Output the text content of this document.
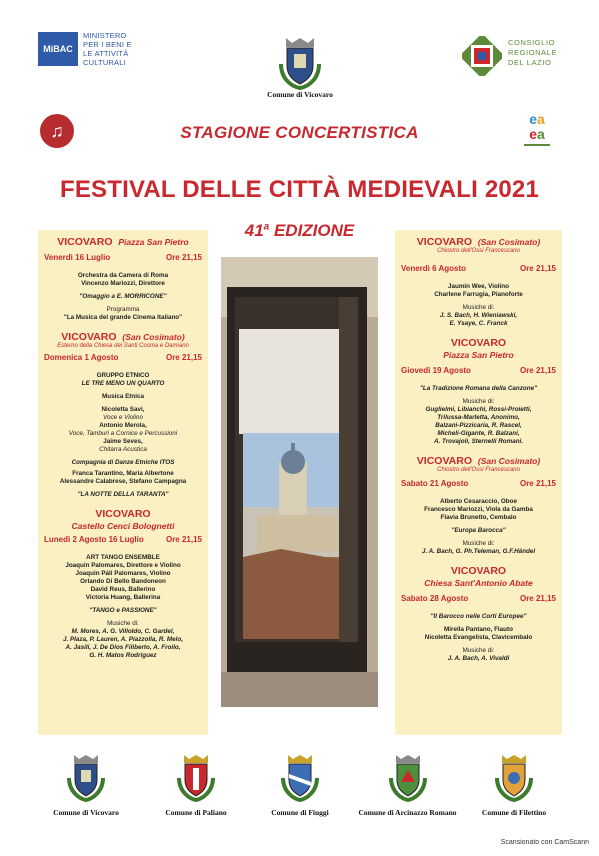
MiBAC
MINISTERO PER I BENI E LE ATTIVITÀ CULTURALI
Comune di Vicovaro
CONSIGLIO REGIONALE DEL LAZIO
♫
ea
ea
STAGIONE CONCERTISTICA
FESTIVAL DELLE CITTÀ MEDIEVALI 2021
41$^a$ EDIZIONE
VICOVARO Piazza San Pietro
Venerdì 16 Luglio	Ore 21,15
Orchestra da Camera di Roma
Vincenzo Mariozzi, Direttore
"Omaggio a E. MORRICONE"
Programma
"La Musica del grande Cinema Italiano"
VICOVARO (San Cosimato)
Esterno della Chiesa dei Santi Cosma e Damiano
Domenica 1 Agosto	Ore 21,15
GRUPPO ETNICO
LE TRE MENO UN QUARTO
Musica Etnica
Nicoletta Savi,
Voce e Violino
Antonio Merola,
Voce, Tamburi a Cornice e Percussioni
Jaime Seves,
Chitarra Acustica
Compagnia di Danze Etniche ITOS
Franca Tarantino, Maria Albertone
Alessandre Calabrese, Stefano Campagna
"LA NOTTE DELLA TARANTA"
VICOVARO
Castello Cenci Bolognetti
Lunedì 2 Agosto 16 Luglio	Ore 21,15
ART TANGO ENSEMBLE
Joaquin Palomares, Direttore e Violino
Joaquin Páli Palomares, Violino
Orlando Di Bello Bandoneon
David Reus, Ballerino
Victoria Huang, Ballerina
"TANGO e PASSIONE"
Musiche di:
M. Mores, A. G. Villoldo, C. Gardel,
J. Plaza, P. Lauren, A. Piazzolla, R. Melo,
A. Jasili, J. De Dios Filiberto, A. Froilo,
G. H. Matos Rodriguez
VICOVARO (San Cosimato)
Chiostro dell'Ossi Francescano
Venerdì 6 Agosto	Ore 21,15
Jaumin Wee, Violino
Charlene Farrugia, Pianoforte
Musiche di:
J. S. Bach, H. Wieniawski,
E. Ysaye, C. Franck
VICOVARO
Piazza San Pietro
Giovedì 19 Agosto	Ore 21,15
"La Tradizione Romana della Canzone"
Musiche di:
Guglielmi, Libianchi, Rossi-Proietti,
Trilussa-Marletta, Anonimo,
Balzani-Pizzicaria, R. Rascel,
Micheli-Gigante, R. Balzani,
A. Trovajoli, Sternelli Romani.
VICOVARO (San Cosimato)
Chiostro dell'Ossi Francescano
Sabato 21 Agosto	Ore 21,15
Alberto Cesaraccio, Oboe
Francesco Mariozzi, Viola da Gamba
Flavia Brunetto, Cembalo
"Europa Barocca"
Musiche di:
J. A. Bach, G. Ph.Teleman, G.F.Händel
VICOVARO
Chiesa Sant'Antonio Abate
Sabato 28 Agosto	Ore 21,15
"Il Barocco nelle Corti Europee"
Mirella Pantano, Flauto
Nicoletta Evangelista, Clavicembalo
Musiche di:
J. A. Bach, A. Vivaldi
Comune di Vicovaro	Comune di Paliano	Comune di Fiuggi	Comune di Arcinazzo Romano	Comune di Filettino
Scansionato con CamScann
